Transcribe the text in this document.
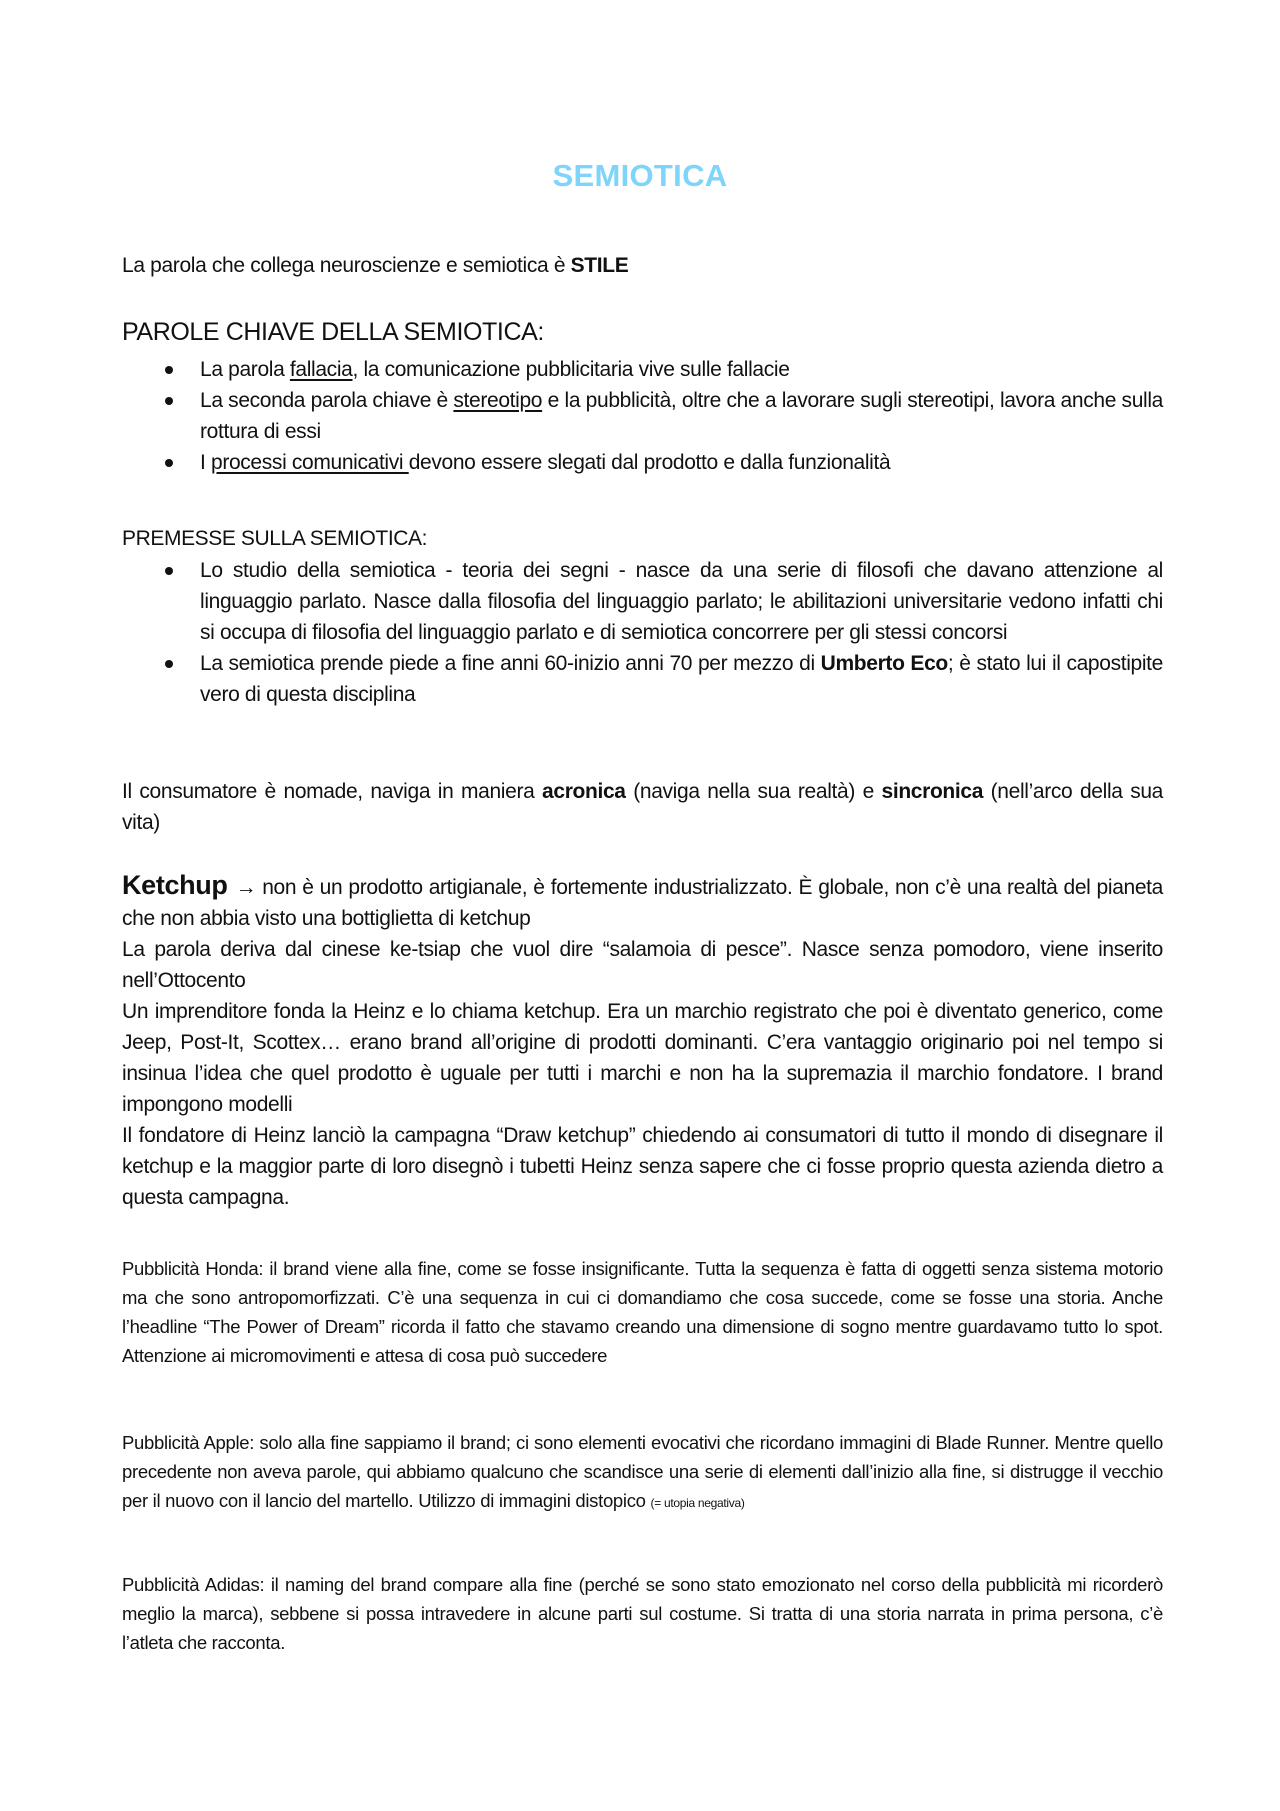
SEMIOTICA

La parola che collega neuroscienze e semiotica è STILE

PAROLE CHIAVE DELLA SEMIOTICA:

La parola fallacia, la comunicazione pubblicitaria vive sulle fallacie
La seconda parola chiave è stereotipo e la pubblicità, oltre che a lavorare sugli stereotipi, lavora anche sulla rottura di essi
I processi comunicativi devono essere slegati dal prodotto e dalla funzionalità

PREMESSE SULLA SEMIOTICA:

Lo studio della semiotica - teoria dei segni - nasce da una serie di filosofi che davano attenzione al linguaggio parlato. Nasce dalla filosofia del linguaggio parlato; le abilitazioni universitarie vedono infatti chi si occupa di filosofia del linguaggio parlato e di semiotica concorrere per gli stessi concorsi
La semiotica prende piede a fine anni 60-inizio anni 70 per mezzo di Umberto Eco; è stato lui il capostipite vero di questa disciplina

Il consumatore è nomade, naviga in maniera acronica (naviga nella sua realtà) e sincronica (nell’arco della sua vita)

Ketchup → non è un prodotto artigianale, è fortemente industrializzato. È globale, non c’è una realtà del pianeta che non abbia visto una bottiglietta di ketchup

La parola deriva dal cinese ke-tsiap che vuol dire “salamoia di pesce”. Nasce senza pomodoro, viene inserito nell’Ottocento

Un imprenditore fonda la Heinz e lo chiama ketchup. Era un marchio registrato che poi è diventato generico, come Jeep, Post-It, Scottex… erano brand all’origine di prodotti dominanti. C’era vantaggio originario poi nel tempo si insinua l’idea che quel prodotto è uguale per tutti i marchi e non ha la supremazia il marchio fondatore. I brand impongono modelli

Il fondatore di Heinz lanciò la campagna “Draw ketchup” chiedendo ai consumatori di tutto il mondo di disegnare il ketchup e la maggior parte di loro disegnò i tubetti Heinz senza sapere che ci fosse proprio questa azienda dietro a questa campagna.

Pubblicità Honda: il brand viene alla fine, come se fosse insignificante. Tutta la sequenza è fatta di oggetti senza sistema motorio ma che sono antropomorfizzati. C’è una sequenza in cui ci domandiamo che cosa succede, come se fosse una storia. Anche l’headline “The Power of Dream” ricorda il fatto che stavamo creando una dimensione di sogno mentre guardavamo tutto lo spot. Attenzione ai micromovimenti e attesa di cosa può succedere

Pubblicità Apple: solo alla fine sappiamo il brand; ci sono elementi evocativi che ricordano immagini di Blade Runner. Mentre quello precedente non aveva parole, qui abbiamo qualcuno che scandisce una serie di elementi dall’inizio alla fine, si distrugge il vecchio per il nuovo con il lancio del martello. Utilizzo di immagini distopico (= utopia negativa)

Pubblicità Adidas: il naming del brand compare alla fine (perché se sono stato emozionato nel corso della pubblicità mi ricorderò meglio la marca), sebbene si possa intravedere in alcune parti sul costume. Si tratta di una storia narrata in prima persona, c’è l’atleta che racconta.
